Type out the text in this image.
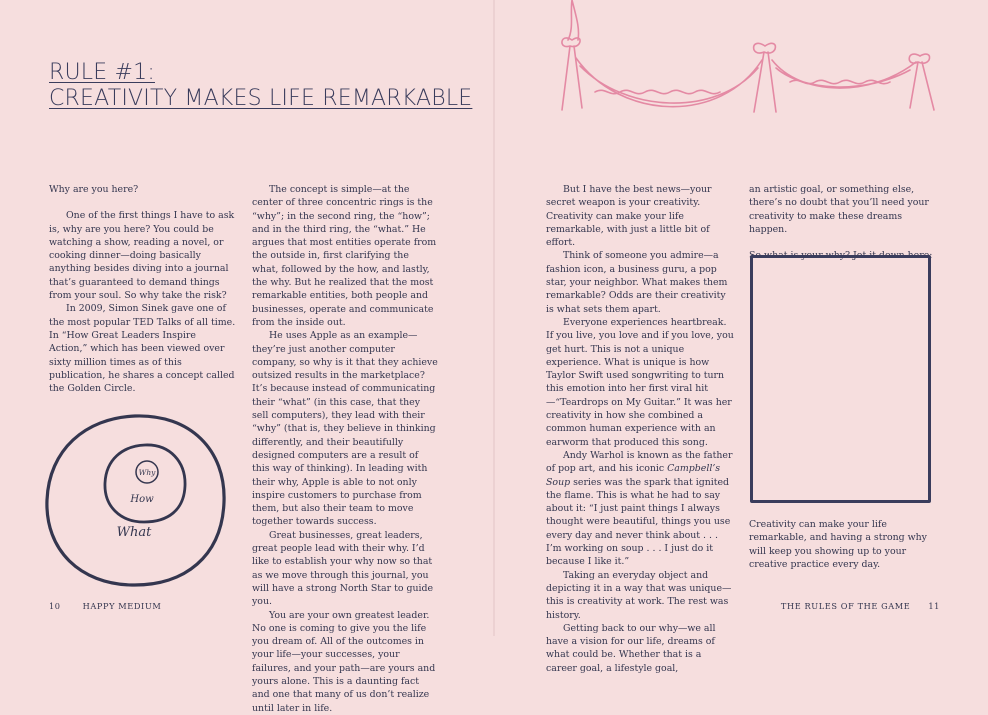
RULE #1:
CREATIVITY MAKES LIFE REMARKABLE

Why are you here?

One of the first things I have to ask is, why are you here? You could be watching a show, reading a novel, or cooking dinner—doing basically anything besides diving into a journal that’s guaranteed to demand things from your soul. So why take the risk?

In 2009, Simon Sinek gave one of the most popular TED Talks of all time. In “How Great Leaders Inspire Action,” which has been viewed over sixty million times as of this publication, he shares a concept called the Golden Circle.

Why
How
What

The concept is simple—at the center of three concentric rings is the “why”; in the second ring, the “how”; and in the third ring, the “what.” He argues that most entities operate from the outside in, first clarifying the what, followed by the how, and lastly, the why. But he realized that the most remarkable entities, both people and businesses, operate and communicate from the inside out.

He uses Apple as an example—they’re just another computer company, so why is it that they achieve outsized results in the marketplace? It’s because instead of communicating their “what” (in this case, that they sell computers), they lead with their “why” (that is, they believe in thinking differently, and their beautifully designed computers are a result of this way of thinking). In leading with their why, Apple is able to not only inspire customers to purchase from them, but also their team to move together towards success.

Great businesses, great leaders, great people lead with their why. I’d like to establish your why now so that as we move through this journal, you will have a strong North Star to guide you.

You are your own greatest leader. No one is coming to give you the life you dream of. All of the outcomes in your life—your successes, your failures, and your path—are yours and yours alone. This is a daunting fact and one that many of us don’t realize until later in life.

But I have the best news—your secret weapon is your creativity. Creativity can make your life remarkable, with just a little bit of effort.

Think of someone you admire—a fashion icon, a business guru, a pop star, your neighbor. What makes them remarkable? Odds are their creativity is what sets them apart.

Everyone experiences heartbreak. If you live, you love and if you love, you get hurt. This is not a unique experience. What is unique is how Taylor Swift used songwriting to turn this emotion into her first viral hit—“Teardrops on My Guitar.” It was her creativity in how she combined a common human experience with an earworm that produced this song.

Andy Warhol is known as the father of pop art, and his iconic Campbell’s Soup series was the spark that ignited the flame. This is what he had to say about it: “I just paint things I always thought were beautiful, things you use every day and never think about . . . I’m working on soup . . . I just do it because I like it.”

Taking an everyday object and depicting it in a way that was unique—this is creativity at work. The rest was history.

Getting back to our why—we all have a vision for our life, dreams of what could be. Whether that is a career goal, a lifestyle goal,

an artistic goal, or something else, there’s no doubt that you’ll need your creativity to make these dreams happen.

So what is your why? Jot it down here:

Creativity can make your life remarkable, and having a strong why will keep you showing up to your creative practice every day.

10	HAPPY MEDIUM	THE RULES OF THE GAME 11
